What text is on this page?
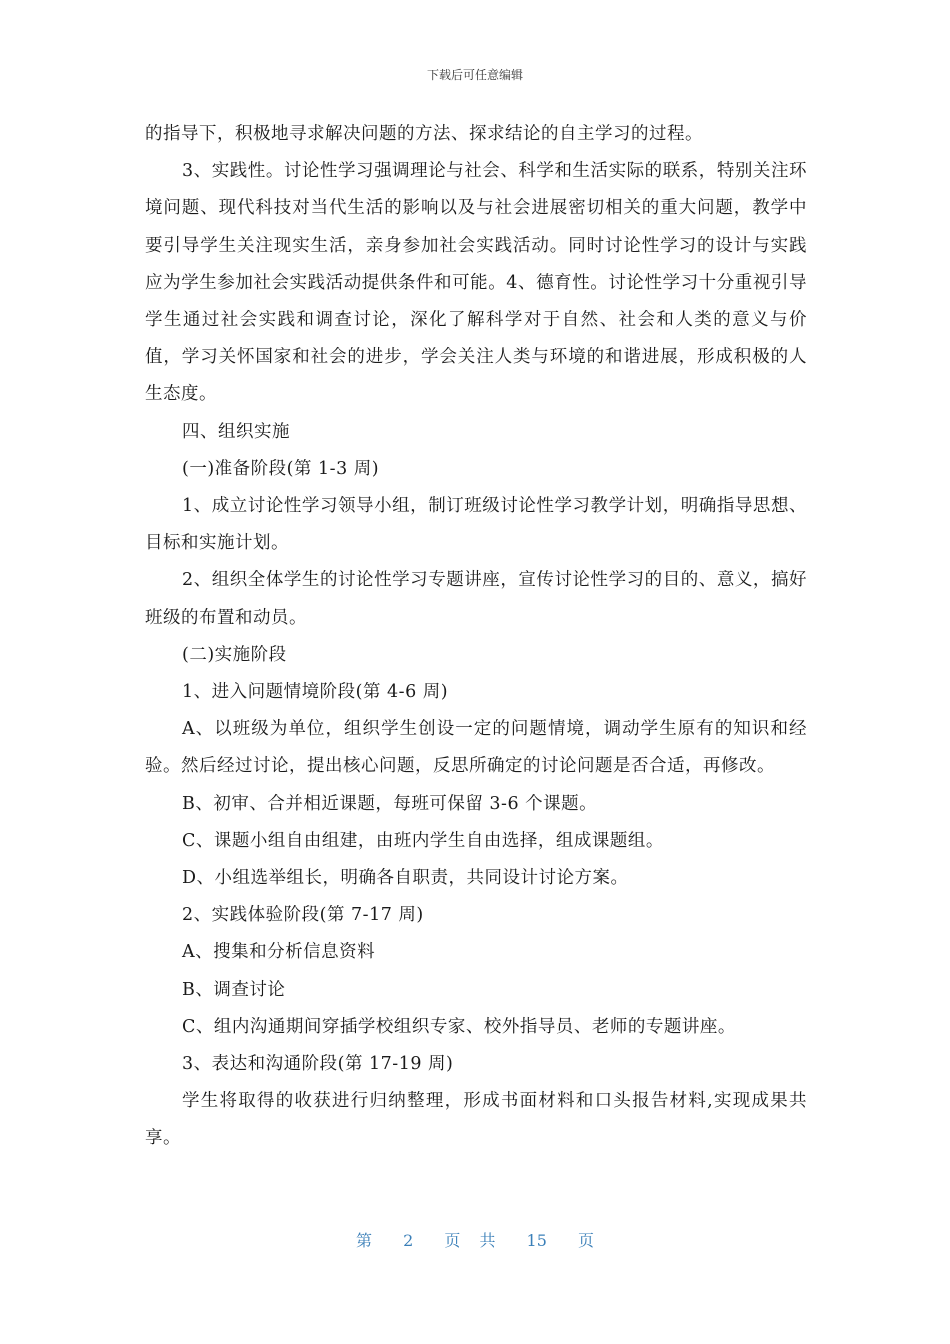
下载后可任意编辑

的指导下，积极地寻求解决问题的方法、探求结论的自主学习的过程。

3、实践性。讨论性学习强调理论与社会、科学和生活实际的联系，特别关注环境问题、现代科技对当代生活的影响以及与社会进展密切相关的重大问题，教学中要引导学生关注现实生活，亲身参加社会实践活动。同时讨论性学习的设计与实践应为学生参加社会实践活动提供条件和可能。4、德育性。讨论性学习十分重视引导学生通过社会实践和调查讨论，深化了解科学对于自然、社会和人类的意义与价值，学习关怀国家和社会的进步，学会关注人类与环境的和谐进展，形成积极的人生态度。

四、组织实施

(一)准备阶段(第 1-3 周)

1、成立讨论性学习领导小组，制订班级讨论性学习教学计划，明确指导思想、目标和实施计划。

2、组织全体学生的讨论性学习专题讲座，宣传讨论性学习的目的、意义，搞好班级的布置和动员。

(二)实施阶段

1、进入问题情境阶段(第 4-6 周)

A、以班级为单位，组织学生创设一定的问题情境，调动学生原有的知识和经验。然后经过讨论，提出核心问题，反思所确定的讨论问题是否合适，再修改。

B、初审、合并相近课题，每班可保留 3-6 个课题。

C、课题小组自由组建，由班内学生自由选择，组成课题组。

D、小组选举组长，明确各自职责，共同设计讨论方案。

2、实践体验阶段(第 7-17 周)

A、搜集和分析信息资料

B、调查讨论

C、组内沟通期间穿插学校组织专家、校外指导员、老师的专题讲座。

3、表达和沟通阶段(第 17-19 周)

学生将取得的收获进行归纳整理，形成书面材料和口头报告材料,实现成果共享。

第 2 页 共 15 页
